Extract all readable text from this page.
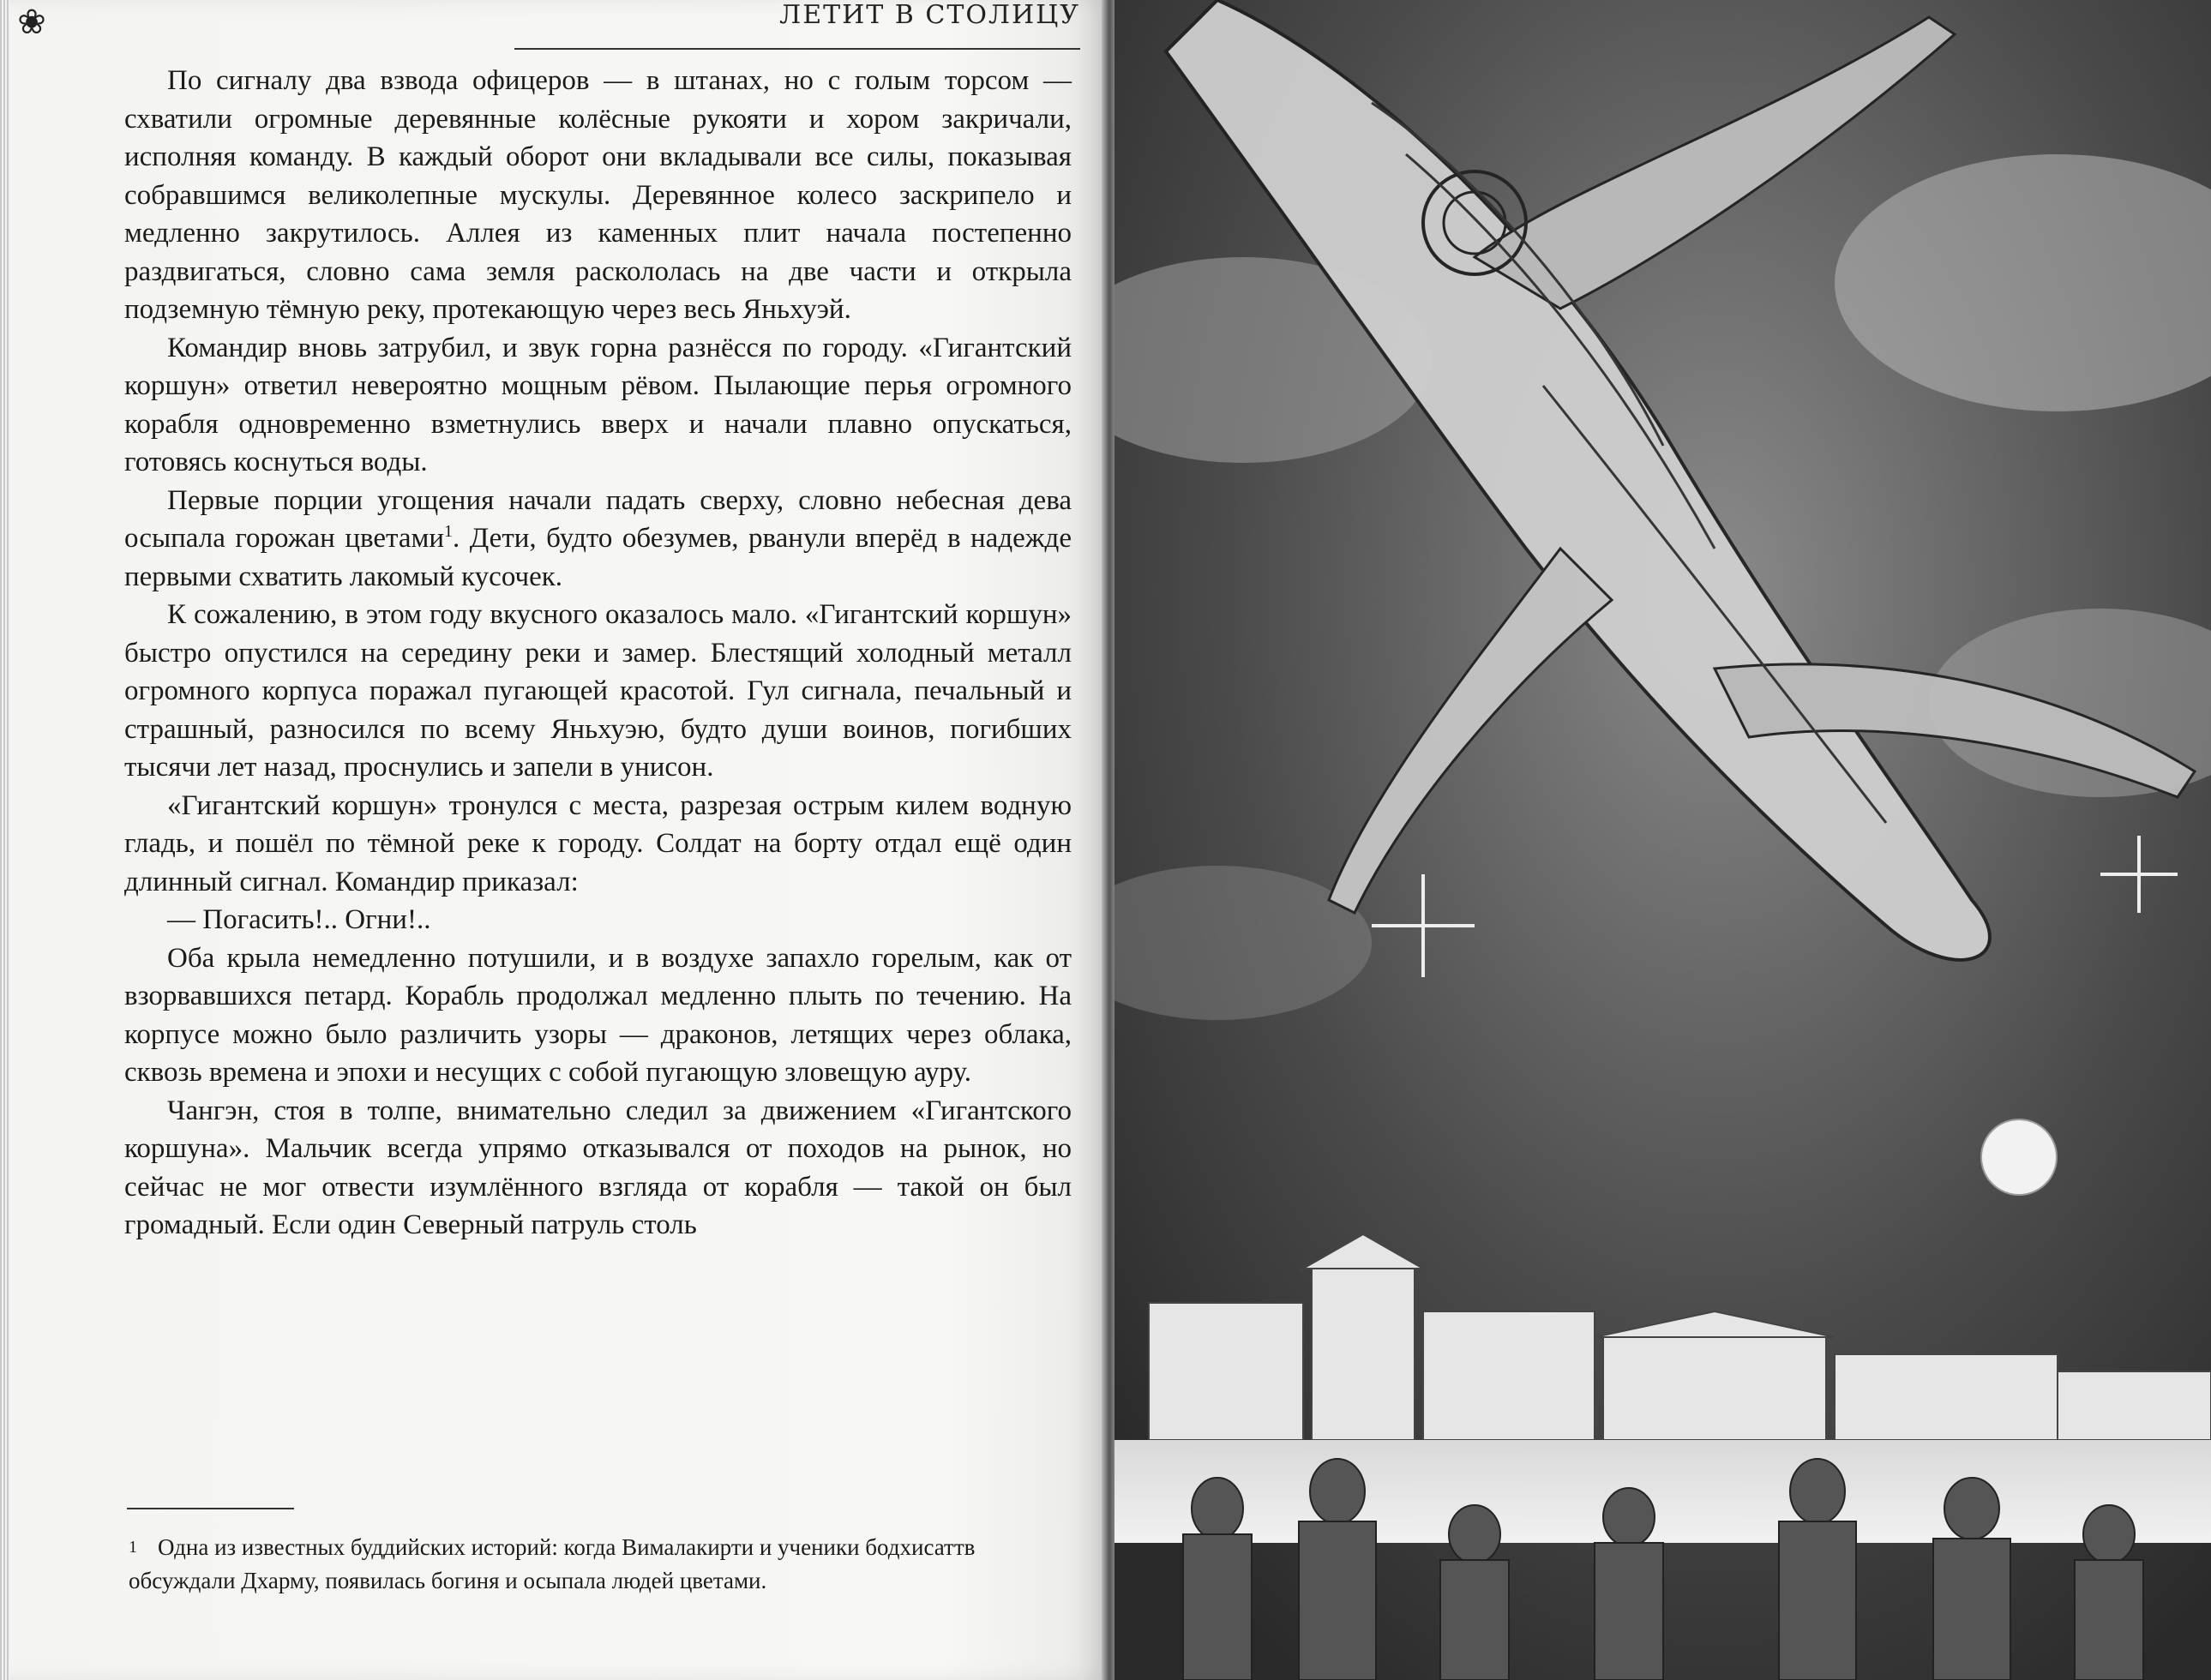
❀	ЛЕТИТ В СТОЛИЦУ

По сигналу два взвода офицеров — в штанах, но с голым торсом — схватили огромные деревянные колёсные рукояти и хором закричали, исполняя команду. В каждый оборот они вкладывали все силы, показывая собравшимся великолепные мускулы. Деревянное колесо заскрипело и медленно закрутилось. Аллея из каменных плит начала постепенно раздвигаться, словно сама земля раскололась на две части и открыла подземную тёмную реку, протекающую через весь Яньхуэй.

Командир вновь затрубил, и звук горна разнёсся по городу. «Гигантский коршун» ответил невероятно мощным рёвом. Пылающие перья огромного корабля одновременно взметнулись вверх и начали плавно опускаться, готовясь коснуться воды.

Первые порции угощения начали падать сверху, словно небесная дева осыпала горожан цветами$^1$. Дети, будто обезумев, рванули вперёд в надежде первыми схватить лакомый кусочек.

К сожалению, в этом году вкусного оказалось мало. «Гигантский коршун» быстро опустился на середину реки и замер. Блестящий холодный металл огромного корпуса поражал пугающей красотой. Гул сигнала, печальный и страшный, разносился по всему Яньхуэю, будто души воинов, погибших тысячи лет назад, проснулись и запели в унисон.

«Гигантский коршун» тронулся с места, разрезая острым килем водную гладь, и пошёл по тёмной реке к городу. Солдат на борту отдал ещё один длинный сигнал. Командир приказал:

— Погасить!.. Огни!..

Оба крыла немедленно потушили, и в воздухе запахло горелым, как от взорвавшихся петард. Корабль продолжал медленно плыть по течению. На корпусе можно было различить узоры — драконов, летящих через облака, сквозь времена и эпохи и несущих с собой пугающую зловещую ауру.

Чангэн, стоя в толпе, внимательно следил за движением «Гигантского коршуна». Мальчик всегда упрямо отказывался от походов на рынок, но сейчас не мог отвести изумлённого взгляда от корабля — такой он был громадный. Если один Северный патруль столь

1 Одна из известных буддийских историй: когда Вималакирти и ученики бодхисаттв обсуждали Дхарму, появилась богиня и осыпала людей цветами.
